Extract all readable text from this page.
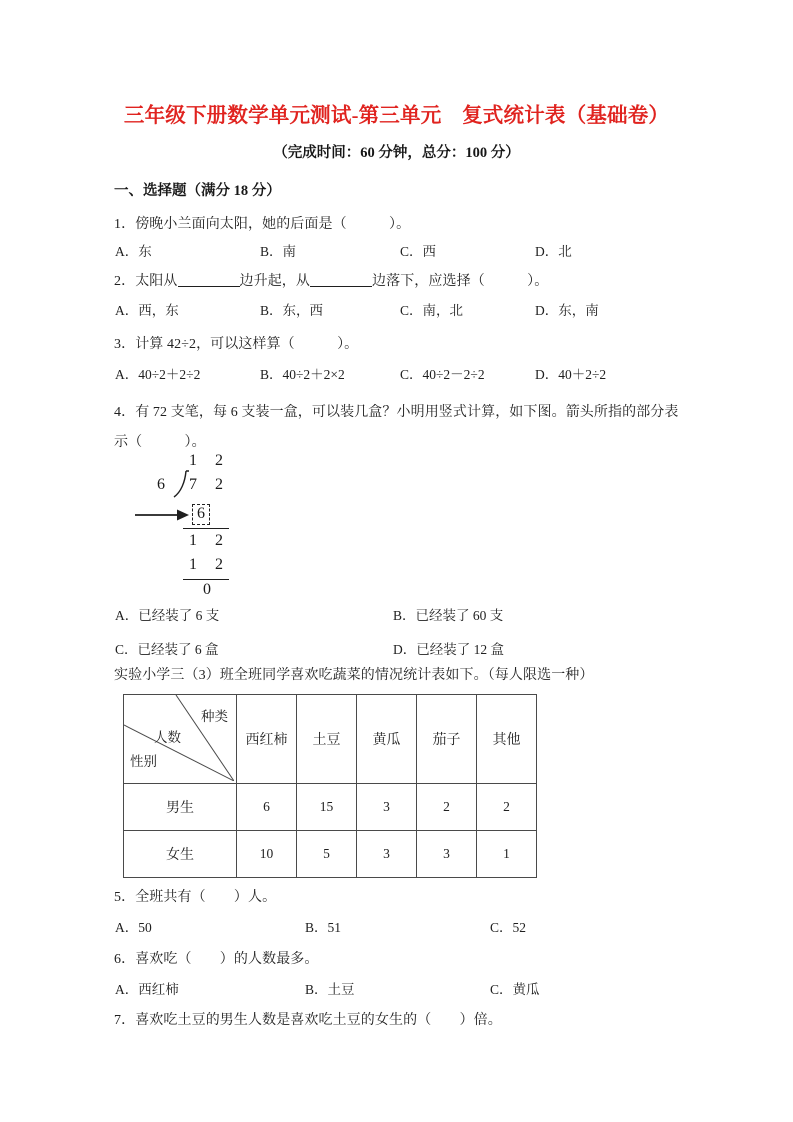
三年级下册数学单元测试-第三单元　复式统计表（基础卷）
（完成时间：60 分钟，总分：100 分）
一、选择题（满分 18 分）
1．傍晚小兰面向太阳，她的后面是（　　　）。
A．东	B．南	C．西	D．北
2．太阳从	边升起，从	边落下，应选择（　　　）。
A．西，东	B．东，西	C．南，北	D．东，南
3．计算 42÷2，可以这样算（　　　）。
A．40÷2＋2÷2	B．40÷2＋2×2	C．40÷2－2÷2	D．40＋2÷2
4．有 72 支笔，每 6 支装一盒，可以装几盒？小明用竖式计算，如下图。箭头所指的部分表
示（　　　）。
1 2
6 7 2
6
1 2
1 2
0
A．已经装了 6 支	B．已经装了 60 支
C．已经装了 6 盒	D．已经装了 12 盒
实验小学三（3）班全班同学喜欢吃蔬菜的情况统计表如下。（每人限选一种）
种类
人数
性别	西红柿	土豆	黄瓜	茄子	其他
男生	6	15	3	2	2
女生	10	5	3	3	1
5．全班共有（　　）人。
A．50	B．51	C．52
6．喜欢吃（　　）的人数最多。
A．西红柿	B．土豆	C．黄瓜
7．喜欢吃土豆的男生人数是喜欢吃土豆的女生的（　　）倍。
